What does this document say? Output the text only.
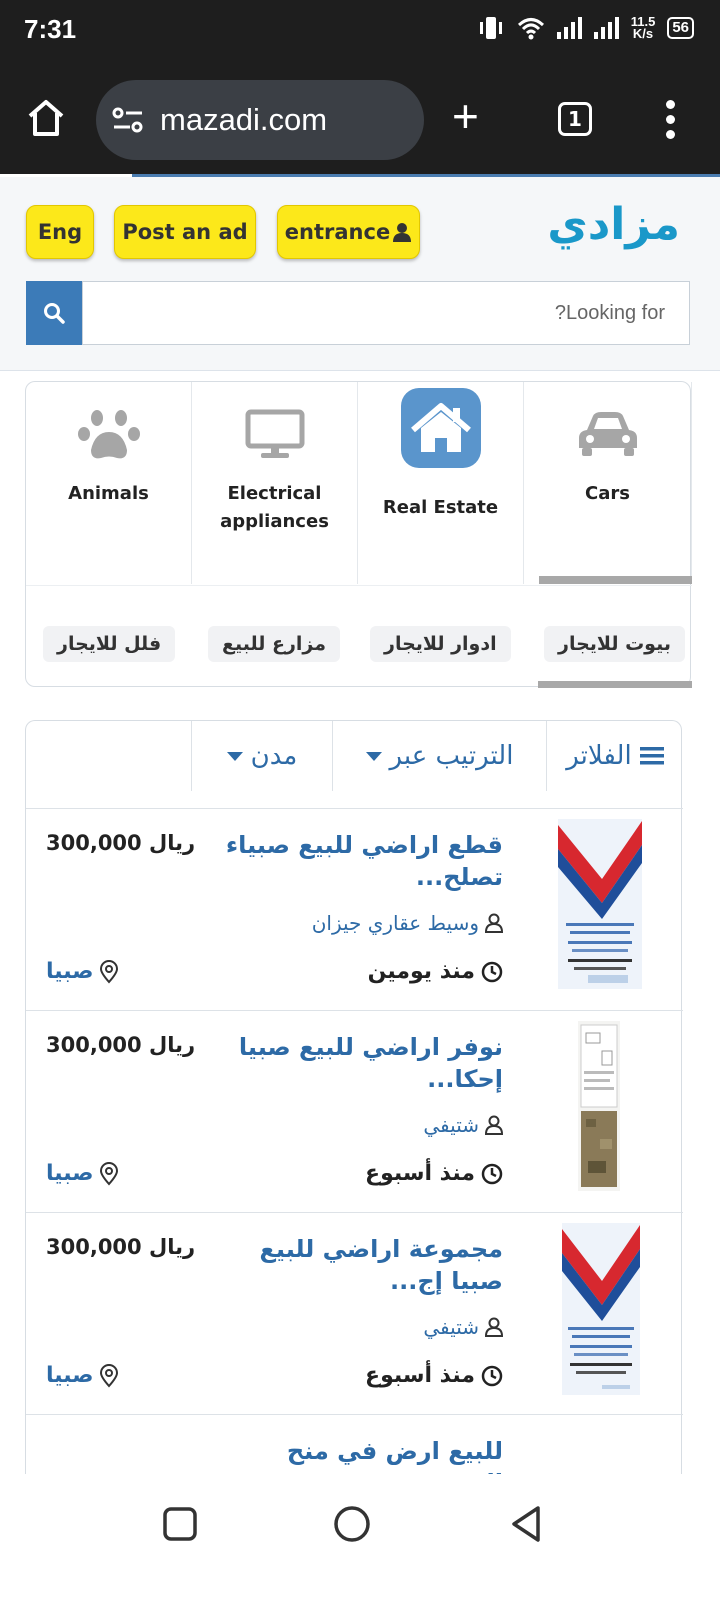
7:31	11.5
K/s	56
mazadi.com	+	1
Eng	Post an ad	entrance	مزادي
?Looking for
Animals	Electrical appliances
Real Estate
Cars
فلل للايجار	مزارع للبيع	ادوار للايجار	بيوت للايجار
الفلاتر
الترتيب عبر
مدن
قطع اراضي للبيع صبياء تصلح...
300,000 ريال
وسيط عقاري جيزان
منذ يومين
صبيا
نوفر اراضي للبيع صبيا إحكا...
300,000 ريال
شتيفي
منذ أسبوع
صبيا
مجموعة اراضي للبيع صبيا إج...
300,000 ريال
شتيفي
منذ أسبوع
صبيا
للبيع ارض في منح
